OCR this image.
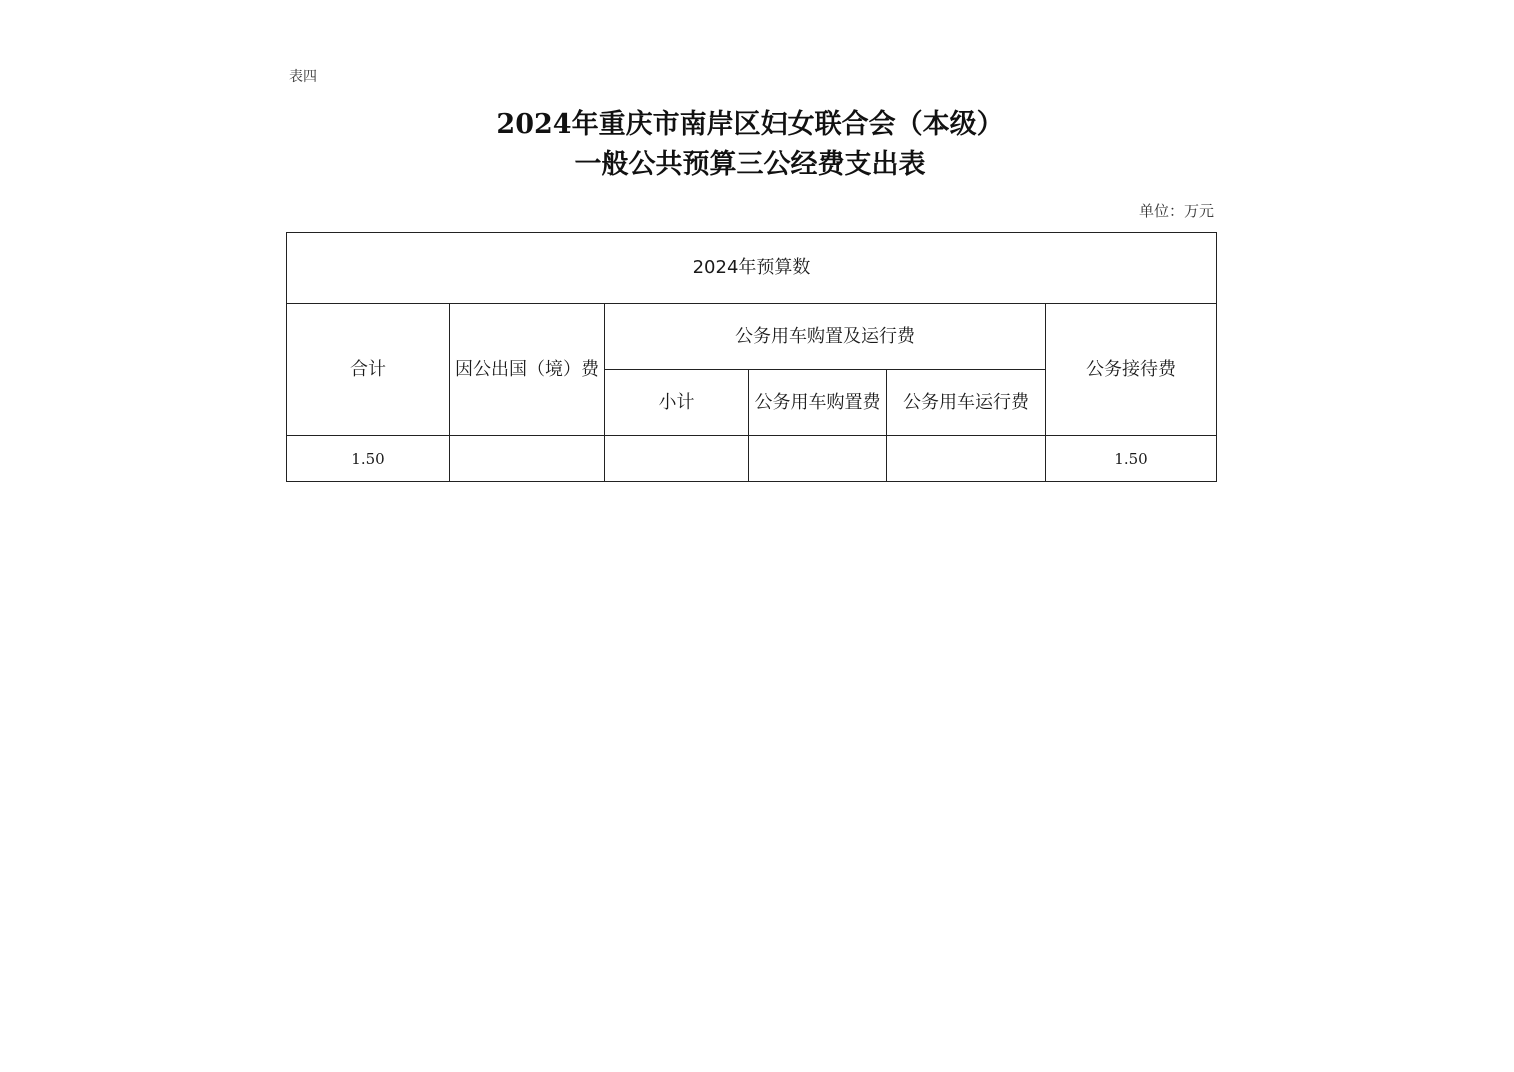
表四
2024年重庆市南岸区妇女联合会（本级）
一般公共预算三公经费支出表
单位：万元
2024年预算数					
合计	因公出国（境）费	公务用车购置及运行费			公务接待费
		小计	公务用车购置费	公务用车运行费	
1.50					1.50
